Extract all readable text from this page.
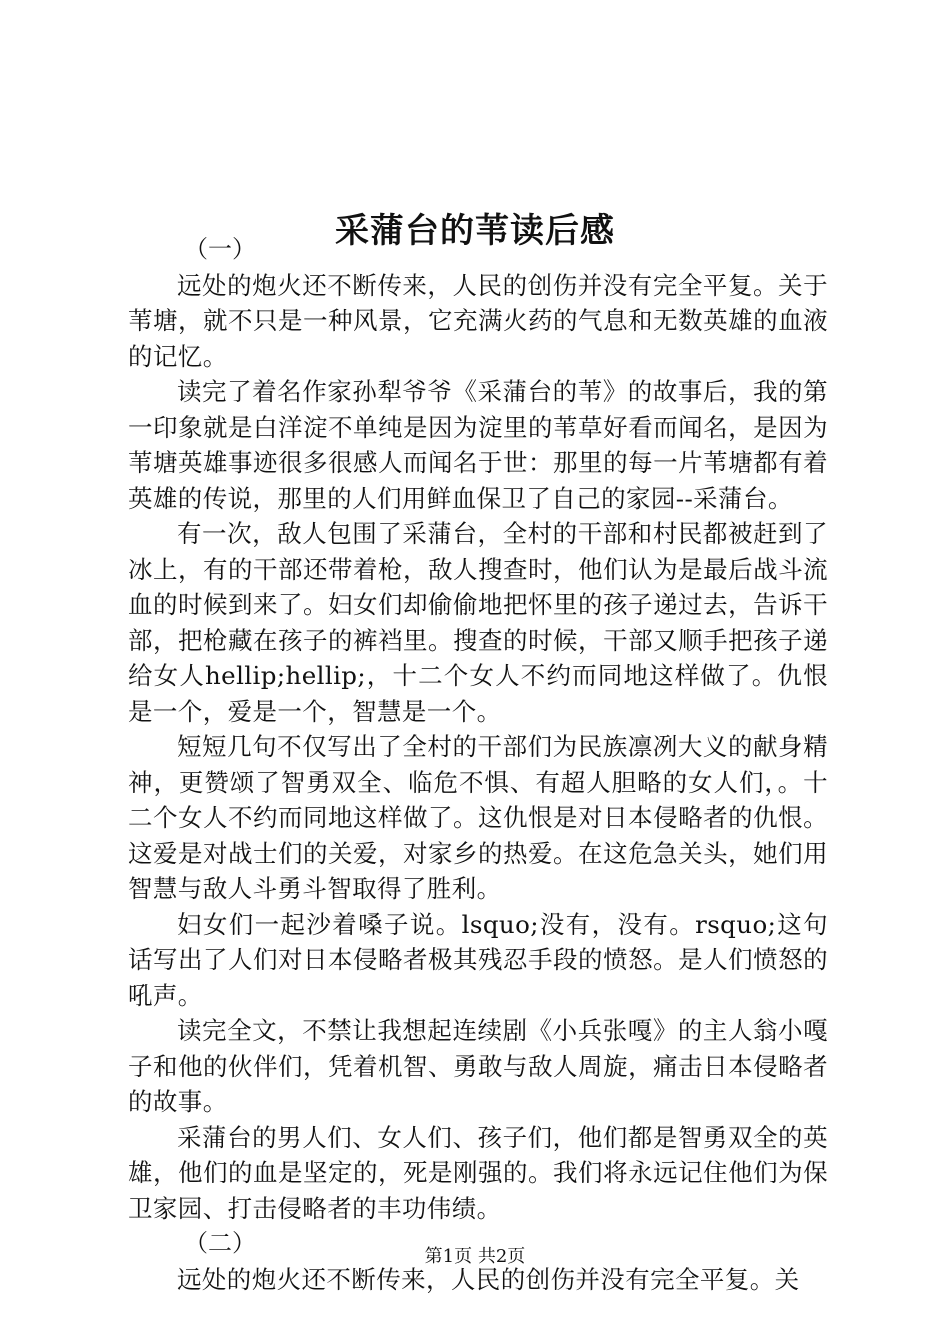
采蒲台的苇读后感

（一）

远处的炮火还不断传来，人民的创伤并没有完全平复。关于苇塘，就不只是一种风景，它充满火药的气息和无数英雄的血液的记忆。

读完了着名作家孙犁爷爷《采蒲台的苇》的故事后，我的第一印象就是白洋淀不单纯是因为淀里的苇草好看而闻名，是因为苇塘英雄事迹很多很感人而闻名于世：那里的每一片苇塘都有着英雄的传说，那里的人们用鲜血保卫了自己的家园--采蒲台。

有一次，敌人包围了采蒲台，全村的干部和村民都被赶到了冰上，有的干部还带着枪，敌人搜查时，他们认为是最后战斗流血的时候到来了。妇女们却偷偷地把怀里的孩子递过去，告诉干部，把枪藏在孩子的裤裆里。搜查的时候，干部又顺手把孩子递给女人hellip;hellip;，十二个女人不约而同地这样做了。仇恨是一个，爱是一个，智慧是一个。

短短几句不仅写出了全村的干部们为民族凛冽大义的献身精神，更赞颂了智勇双全、临危不惧、有超人胆略的女人们，。十二个女人不约而同地这样做了。这仇恨是对日本侵略者的仇恨。这爱是对战士们的关爱，对家乡的热爱。在这危急关头，她们用智慧与敌人斗勇斗智取得了胜利。

妇女们一起沙着嗓子说。lsquo;没有，没有。rsquo;这句话写出了人们对日本侵略者极其残忍手段的愤怒。是人们愤怒的吼声。

读完全文，不禁让我想起连续剧《小兵张嘎》的主人翁小嘎子和他的伙伴们，凭着机智、勇敢与敌人周旋，痛击日本侵略者的故事。

采蒲台的男人们、女人们、孩子们，他们都是智勇双全的英雄，他们的血是坚定的，死是刚强的。我们将永远记住他们为保卫家园、打击侵略者的丰功伟绩。

（二）

远处的炮火还不断传来，人民的创伤并没有完全平复。关

第1页 共2页
